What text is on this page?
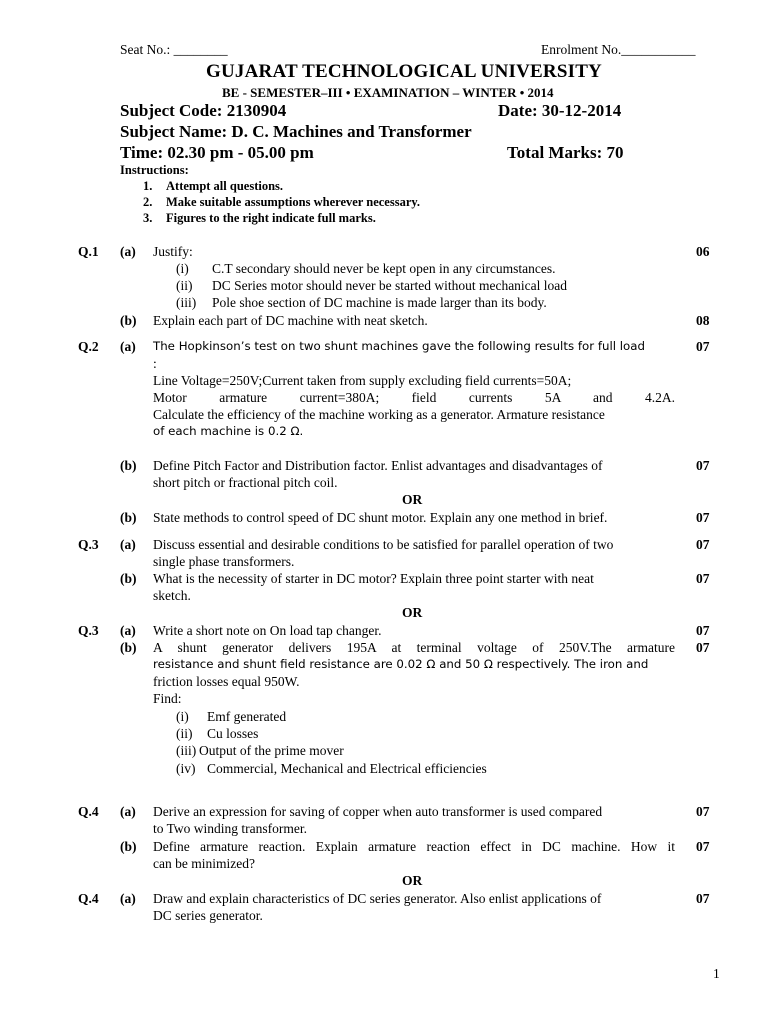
Seat No.: ________	Enrolment No.___________
GUJARAT TECHNOLOGICAL UNIVERSITY
BE - SEMESTER–III • EXAMINATION – WINTER • 2014
Subject Code: 2130904	Date: 30-12-2014
Subject Name: D. C. Machines and Transformer
Time: 02.30 pm - 05.00 pm	Total Marks: 70
Instructions:
1. Attempt all questions.
2. Make suitable assumptions wherever necessary.
3. Figures to the right indicate full marks.
Q.1 (a) Justify:	06
(i) C.T secondary should never be kept open in any circumstances.
(ii) DC Series motor should never be started without mechanical load
(iii) Pole shoe section of DC machine is made larger than its body.
(b) Explain each part of DC machine with neat sketch.	08
Q.2 (a) The Hopkinson’s test on two shunt machines gave the following results for full load	07
:
Line Voltage=250V;Current taken from supply excluding field currents=50A;
Motor armature current=380A; field currents 5A and 4.2A.
Calculate the efficiency of the machine working as a generator. Armature resistance
of each machine is 0.2 Ω.
(b) Define Pitch Factor and Distribution factor. Enlist advantages and disadvantages of	07
short pitch or fractional pitch coil.
OR
(b) State methods to control speed of DC shunt motor. Explain any one method in brief.	07
Q.3 (a) Discuss essential and desirable conditions to be satisfied for parallel operation of two	07
single phase transformers.
(b) What is the necessity of starter in DC motor? Explain three point starter with neat	07
sketch.
OR
Q.3 (a) Write a short note on On load tap changer.	07
(b) A shunt generator delivers 195A at terminal voltage of 250V.The armature 07
resistance and shunt field resistance are 0.02 Ω and 50 Ω respectively. The iron and
friction losses equal 950W.
Find:
(i) Emf generated
(ii) Cu losses
(iii) Output of the prime mover
(iv) Commercial, Mechanical and Electrical efficiencies
Q.4 (a) Derive an expression for saving of copper when auto transformer is used compared	07
to Two winding transformer.
(b) Define armature reaction. Explain armature reaction effect in DC machine. How it 07
can be minimized?
OR
Q.4 (a) Draw and explain characteristics of DC series generator. Also enlist applications of	07
DC series generator.
1
